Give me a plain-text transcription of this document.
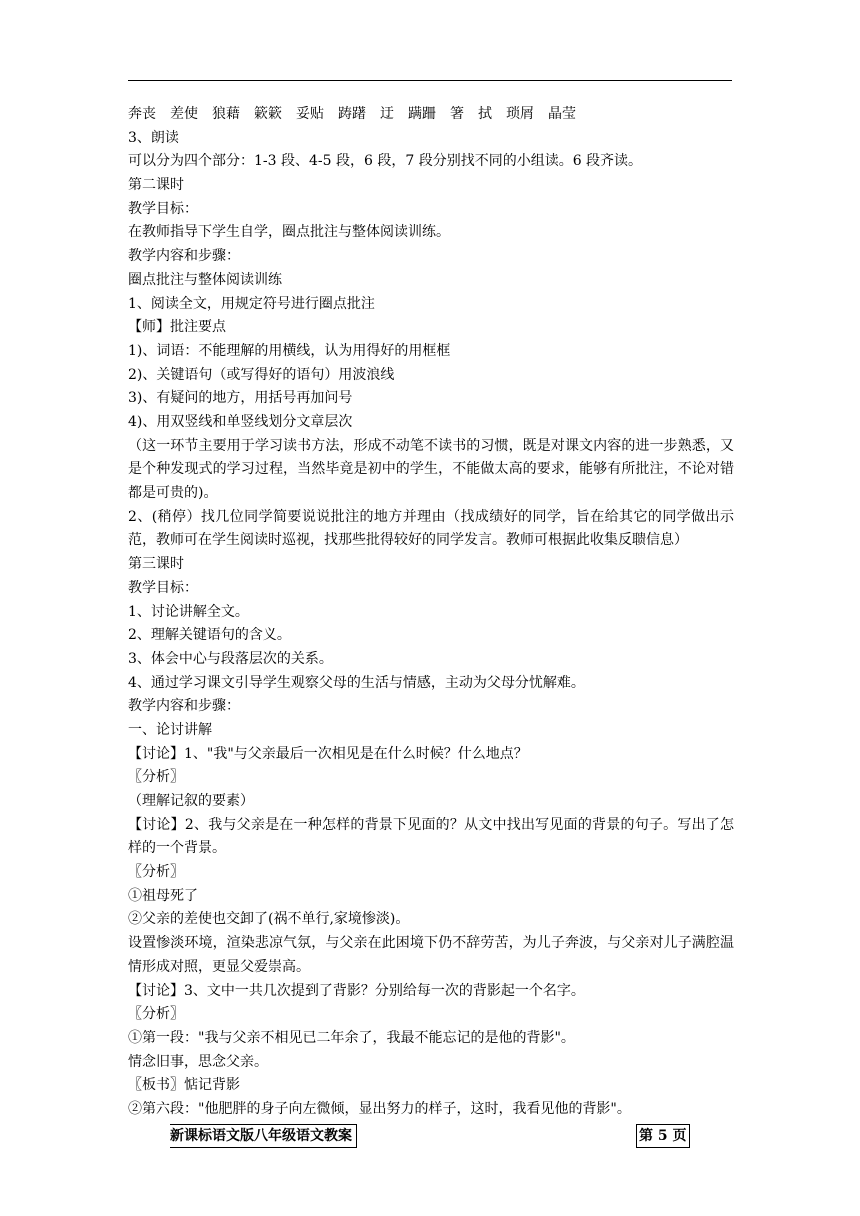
奔丧　差使　狼藉　簌簌　妥贴　踌躇　迂　蹒跚　箸　拭　琐屑　晶莹
3、朗读
可以分为四个部分：1-3 段、4-5 段，6 段，7 段分别找不同的小组读。6 段齐读。
第二课时
教学目标：
在教师指导下学生自学，圈点批注与整体阅读训练。
教学内容和步骤：
圈点批注与整体阅读训练
1、阅读全文，用规定符号进行圈点批注
【师】批注要点
1)、词语：不能理解的用横线，认为用得好的用框框
2)、关键语句（或写得好的语句）用波浪线
3)、有疑问的地方，用括号再加问号
4)、用双竖线和单竖线划分文章层次
（这一环节主要用于学习读书方法，形成不动笔不读书的习惯，既是对课文内容的进一步熟悉，又是个种发现式的学习过程，当然毕竟是初中的学生，不能做太高的要求，能够有所批注，不论对错都是可贵的)。
2、(稍停）找几位同学简要说说批注的地方并理由（找成绩好的同学，旨在给其它的同学做出示范，教师可在学生阅读时巡视，找那些批得较好的同学发言。教师可根据此收集反聩信息）
第三课时
教学目标：
1、讨论讲解全文。
2、理解关键语句的含义。
3、体会中心与段落层次的关系。
4、通过学习课文引导学生观察父母的生活与情感，主动为父母分忧解难。
教学内容和步骤：
一、论讨讲解
【讨论】1、"我"与父亲最后一次相见是在什么时候？什么地点？
〖分析〗
（理解记叙的要素）
【讨论】2、我与父亲是在一种怎样的背景下见面的？从文中找出写见面的背景的句子。写出了怎样的一个背景。
〖分析〗
①祖母死了
②父亲的差使也交卸了(祸不单行,家境惨淡)。
设置惨淡环境，渲染悲凉气氛，与父亲在此困境下仍不辞劳苦，为儿子奔波，与父亲对儿子满腔温情形成对照，更显父爱崇高。
【讨论】3、文中一共几次提到了背影？分别给每一次的背影起一个名字。
〖分析〗
①第一段："我与父亲不相见已二年余了，我最不能忘记的是他的背影"。
情念旧事，思念父亲。
〖板书〗惦记背影
②第六段："他肥胖的身子向左微倾，显出努力的样子，这时，我看见他的背影"。
新课标语文版八年级语文教案	第 5 页
